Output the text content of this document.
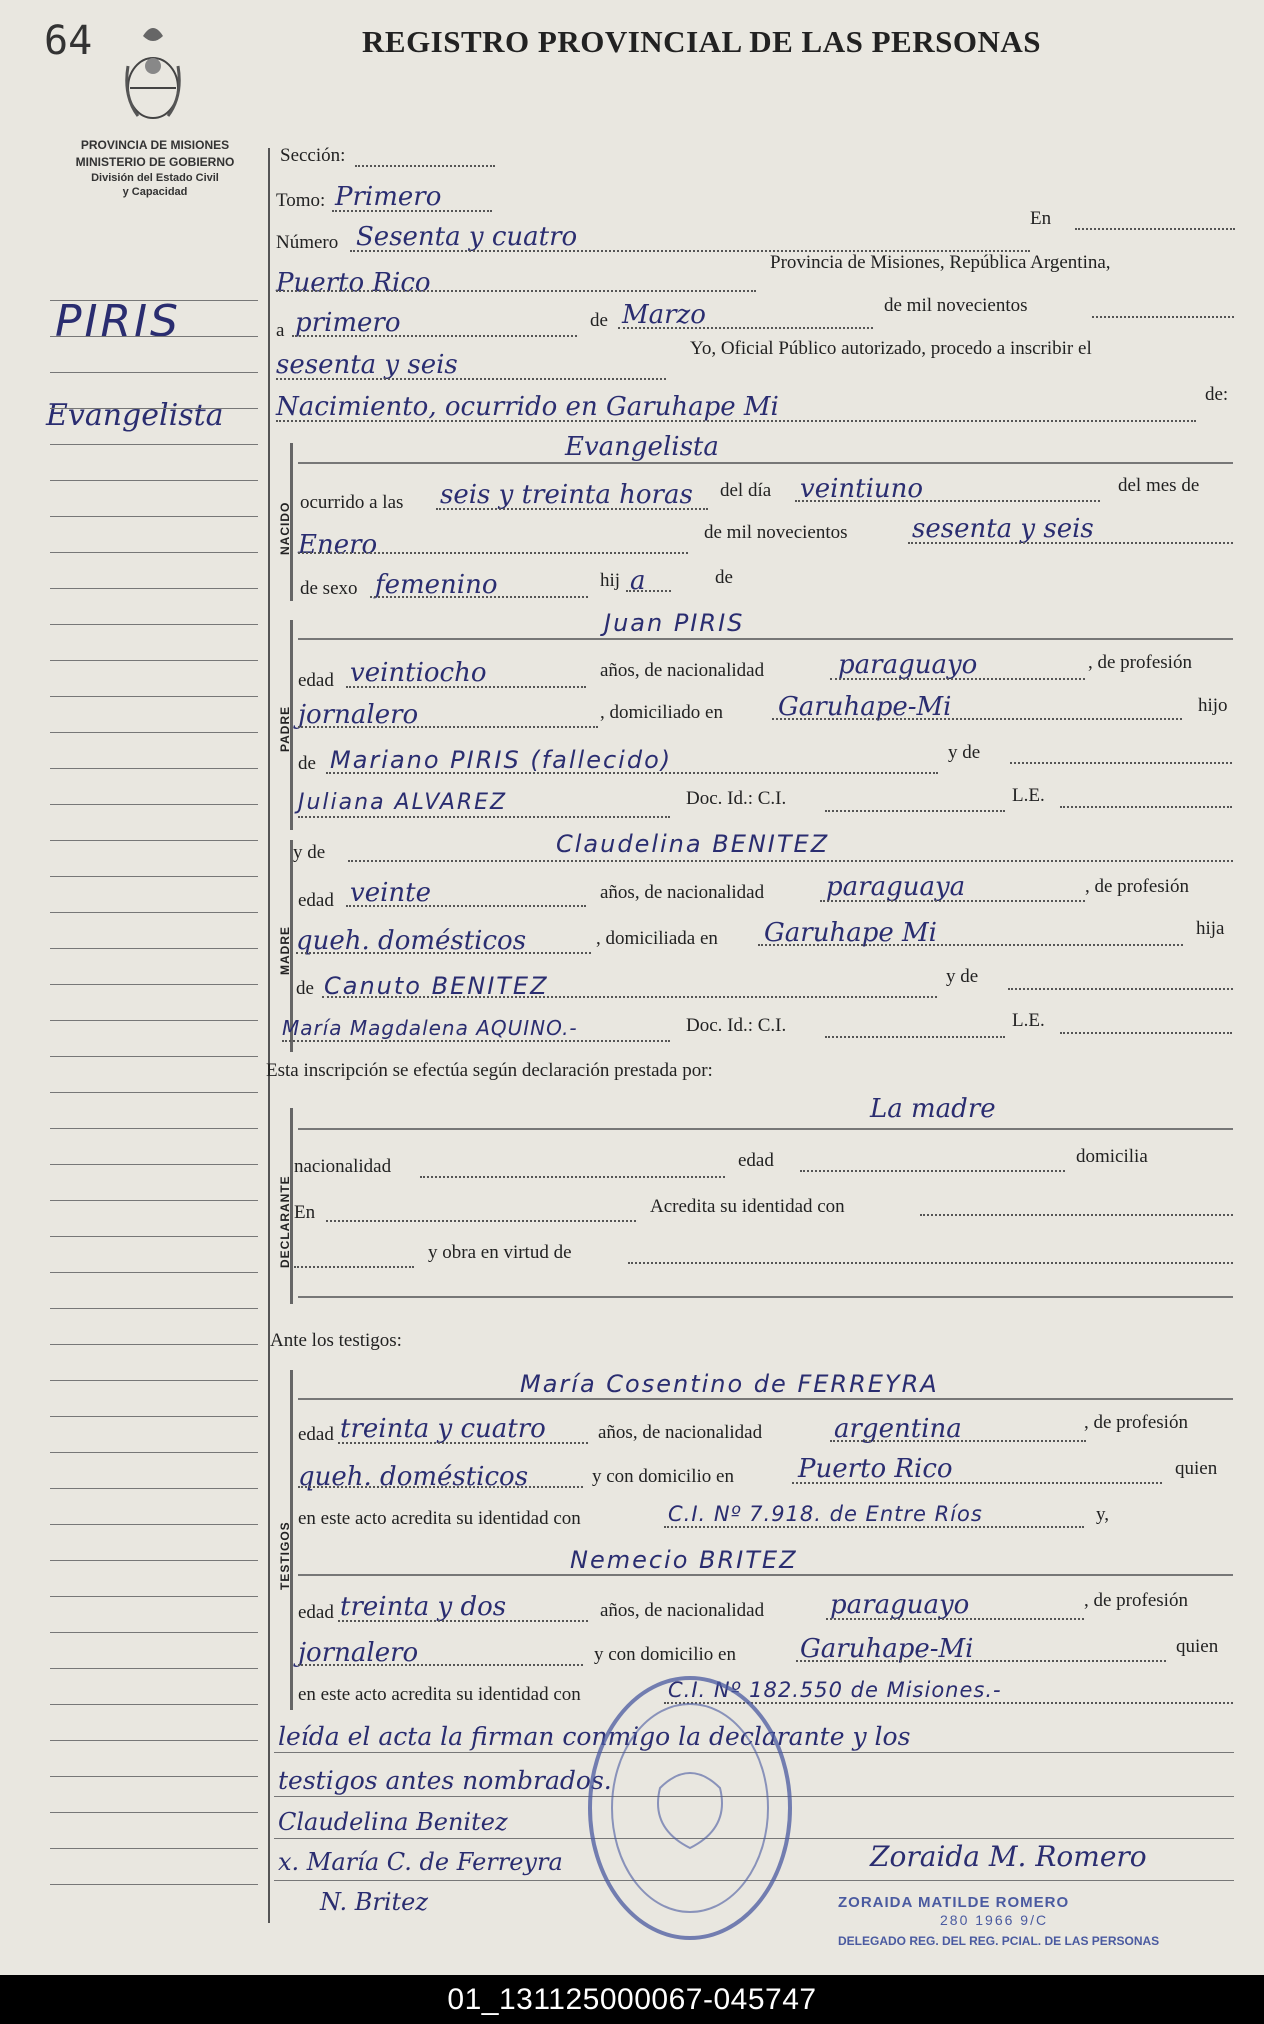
64	REGISTRO PROVINCIAL DE LAS PERSONAS
PROVINCIA DE MISIONES
MINISTERIO DE GOBIERNO
División del Estado Civil
y Capacidad
PIRIS
Evangelista
Sección:
Tomo: Primero
En
Número Sesenta y cuatro
Puerto Rico
Provincia de Misiones, República Argentina,
a primero	de Marzo	de mil novecientos
sesenta y seis
Yo, Oficial Público autorizado, procedo a inscribir el
Nacimiento, ocurrido en Garuhape Mi	de:
NACIDO
Evangelista
ocurrido a las seis y treinta horas del día veintiuno	del mes de
Enero	de mil novecientos sesenta y seis
de sexo femenino	hij a	de
PADRE
Juan PIRIS
edad veintiocho	años, de nacionalidad	paraguayo	, de profesión
jornalero	, domiciliado en Garuhape-Mi	hijo
de Mariano PIRIS (fallecido)	y de
Juliana ALVAREZ	Doc. Id.: C.I.	L.E.
MADRE
y de	Claudelina BENITEZ
edad veinte	años, de nacionalidad paraguaya	, de profesión
queh. domésticos	, domiciliada en Garuhape Mi	hija
de Canuto BENITEZ	y de
María Magdalena AQUINO.-	Doc. Id.: C.I.	L.E.
Esta inscripción se efectúa según declaración prestada por:
DECLARANTE
La madre
nacionalidad	edad	domicilia
En	Acredita su identidad con
y obra en virtud de
Ante los testigos:
TESTIGOS
María Cosentino de FERREYRA
edad treinta y cuatro	años, de nacionalidad	argentina	, de profesión
queh. domésticos	y con domicilio en Puerto Rico	quien
en este acto acredita su identidad con	C.I. Nº 7.918. de Entre Ríos	y,
Nemecio BRITEZ
edad treinta y dos	años, de nacionalidad	paraguayo	, de profesión
jornalero	y con domicilio en Garuhape-Mi	quien
en este acto acredita su identidad con	C.I. Nº 182.550 de Misiones.-
leída el acta la firman conmigo la declarante y los
testigos antes nombrados.
Claudelina Benitez
x. María C. de Ferreyra	Zoraida M. Romero
N. Britez	ZORAIDA MATILDE ROMERO
280 1966 9/C
DELEGADO REG. DEL REG. PCIAL. DE LAS PERSONAS
01_131125000067-045747
